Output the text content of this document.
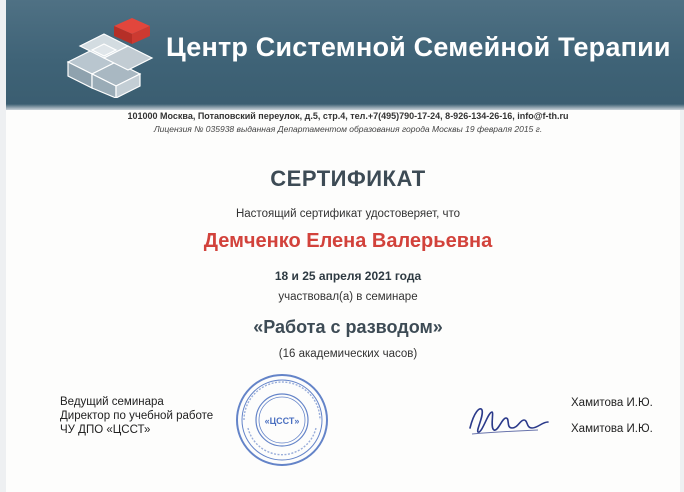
Центр Системной Семейной Терапии
101000 Москва, Потаповский переулок, д.5, стр.4, тел.+7(495)790-17-24, 8-926-134-26-16, info@f-th.ru
Лицензия № 035938 выданная Департаментом образования города Москвы 19 февраля 2015 г.
СЕРТИФИКАТ
Настоящий сертификат удостоверяет, что
Демченко Елена Валерьевна
18 и 25 апреля 2021 года
участвовал(а) в семинаре
«Работа с разводом»
(16 академических часов)
Ведущий семинара
Директор по учебной работе
ЧУ ДПО «ЦССТ»
«ЦССТ»
Хамитова И.Ю.
Хамитова И.Ю.
